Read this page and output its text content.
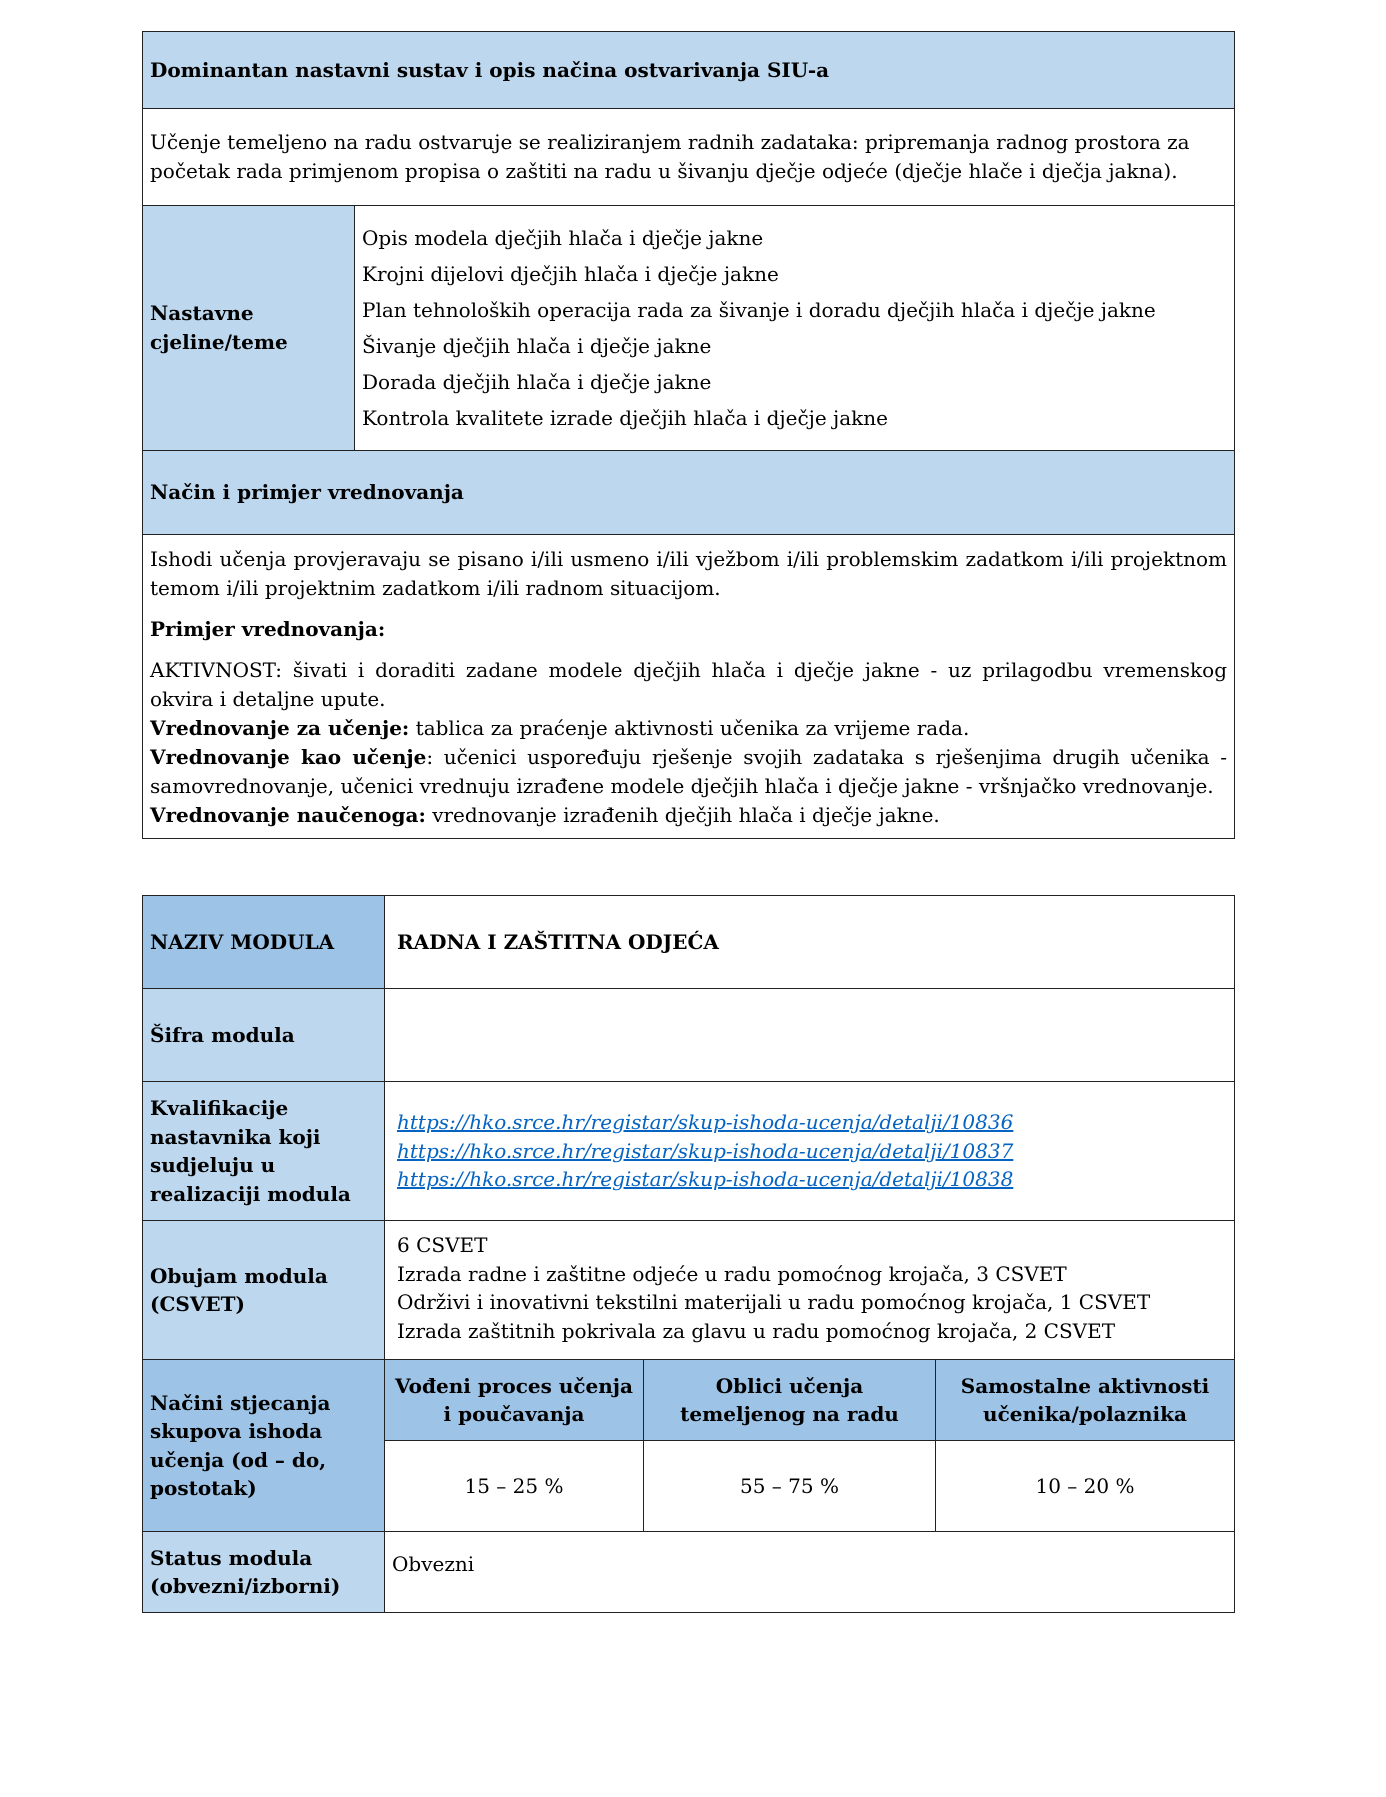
Dominantan nastavni sustav i opis načina ostvarivanja SIU-a
Učenje temeljeno na radu ostvaruje se realiziranjem radnih zadataka: pripremanja radnog prostora za početak rada primjenom propisa o zaštiti na radu u šivanju dječje odjeće (dječje hlače i dječja jakna).
Nastavne cjeline/teme	
Opis modela dječjih hlača i dječje jakne
Krojni dijelovi dječjih hlača i dječje jakne
Plan tehnoloških operacija rada za šivanje i doradu dječjih hlača i dječje jakne
Šivanje dječjih hlača i dječje jakne
Dorada dječjih hlača i dječje jakne
Kontrola kvalitete izrade dječjih hlača i dječje jakne

Način i primjer vrednovanja

Ishodi učenja provjeravaju se pisano i/ili usmeno i/ili vježbom i/ili problemskim zadatkom i/ili projektnom temom i/ili projektnim zadatkom i/ili radnom situacijom.
Primjer vrednovanja:
AKTIVNOST: šivati i doraditi zadane modele dječjih hlača i dječje jakne - uz prilagodbu vremenskog okvira i detaljne upute.
Vrednovanje za učenje: tablica za praćenje aktivnosti učenika za vrijeme rada.
Vrednovanje kao učenje: učenici uspoređuju rješenje svojih zadataka s rješenjima drugih učenika - samovrednovanje, učenici vrednuju izrađene modele dječjih hlača i dječje jakne - vršnjačko vrednovanje.
Vrednovanje naučenoga: vrednovanje izrađenih dječjih hlača i dječje jakne.
NAZIV MODULA	RADNA I ZAŠTITNA ODJEĆA		
Šifra modula			
Kvalifikacije nastavnika koji sudjeluju u realizaciji modula	https://hko.srce.hr/registar/skup-ishoda-ucenja/detalji/10836
https://hko.srce.hr/registar/skup-ishoda-ucenja/detalji/10837
https://hko.srce.hr/registar/skup-ishoda-ucenja/detalji/10838		

Obujam modula (CSVET)	6 CSVET
Izrada radne i zaštitne odjeće u radu pomoćnog krojača, 3 CSVET
Održivi i inovativni tekstilni materijali u radu pomoćnog krojača, 1 CSVET
Izrada zaštitnih pokrivala za glavu u radu pomoćnog krojača, 2 CSVET		

Načini stjecanja skupova ishoda učenja (od – do, postotak)	Vođeni proces učenja i poučavanja	Oblici učenja temeljenog na radu	Samostalne aktivnosti učenika/polaznika
	15 – 25 %	55 – 75 %	10 – 20 %
Status modula (obvezni/izborni)	Obvezni		
